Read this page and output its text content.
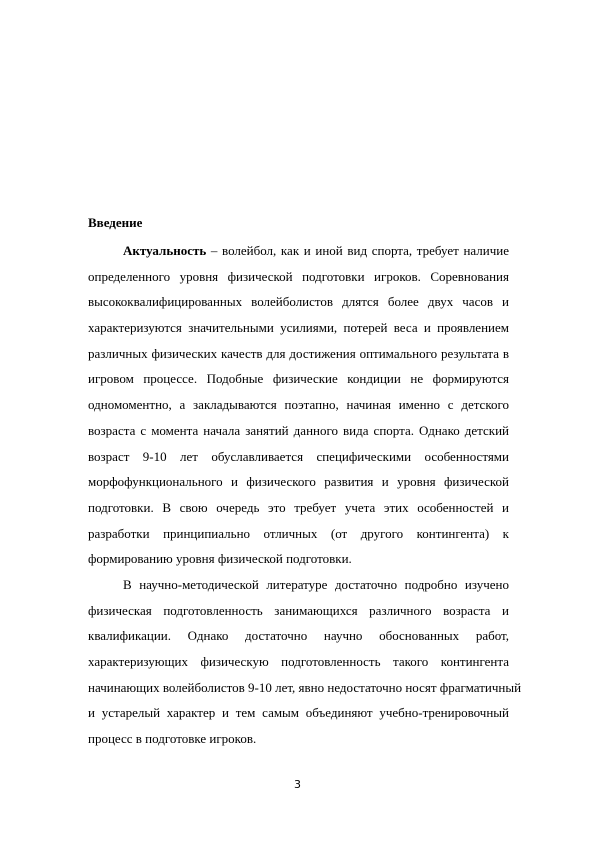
Введение
Актуальность – волейбол, как и иной вид спорта, требует наличие
определенного уровня физической подготовки игроков. Соревнования
высококвалифицированных волейболистов длятся более двух часов и
характеризуются значительными усилиями, потерей веса и проявлением
различных физических качеств для достижения оптимального результата в
игровом процессе. Подобные физические кондиции не формируются
одномоментно, а закладываются поэтапно, начиная именно с детского
возраста с момента начала занятий данного вида спорта. Однако детский
возраст 9-10 лет обуславливается специфическими особенностями
морфофункционального и физического развития и уровня физической
подготовки. В свою очередь это требует учета этих особенностей и
разработки принципиально отличных (от другого контингента) к
формированию уровня физической подготовки.
В научно-методической литературе достаточно подробно изучено
физическая подготовленность занимающихся различного возраста и
квалификации. Однако достаточно научно обоснованных работ,
характеризующих физическую подготовленность такого контингента
начинающих волейболистов 9-10 лет, явно недостаточно носят фрагматичный
и устарелый характер и тем самым объединяют учебно-тренировочный
процесс в подготовке игроков.
3
